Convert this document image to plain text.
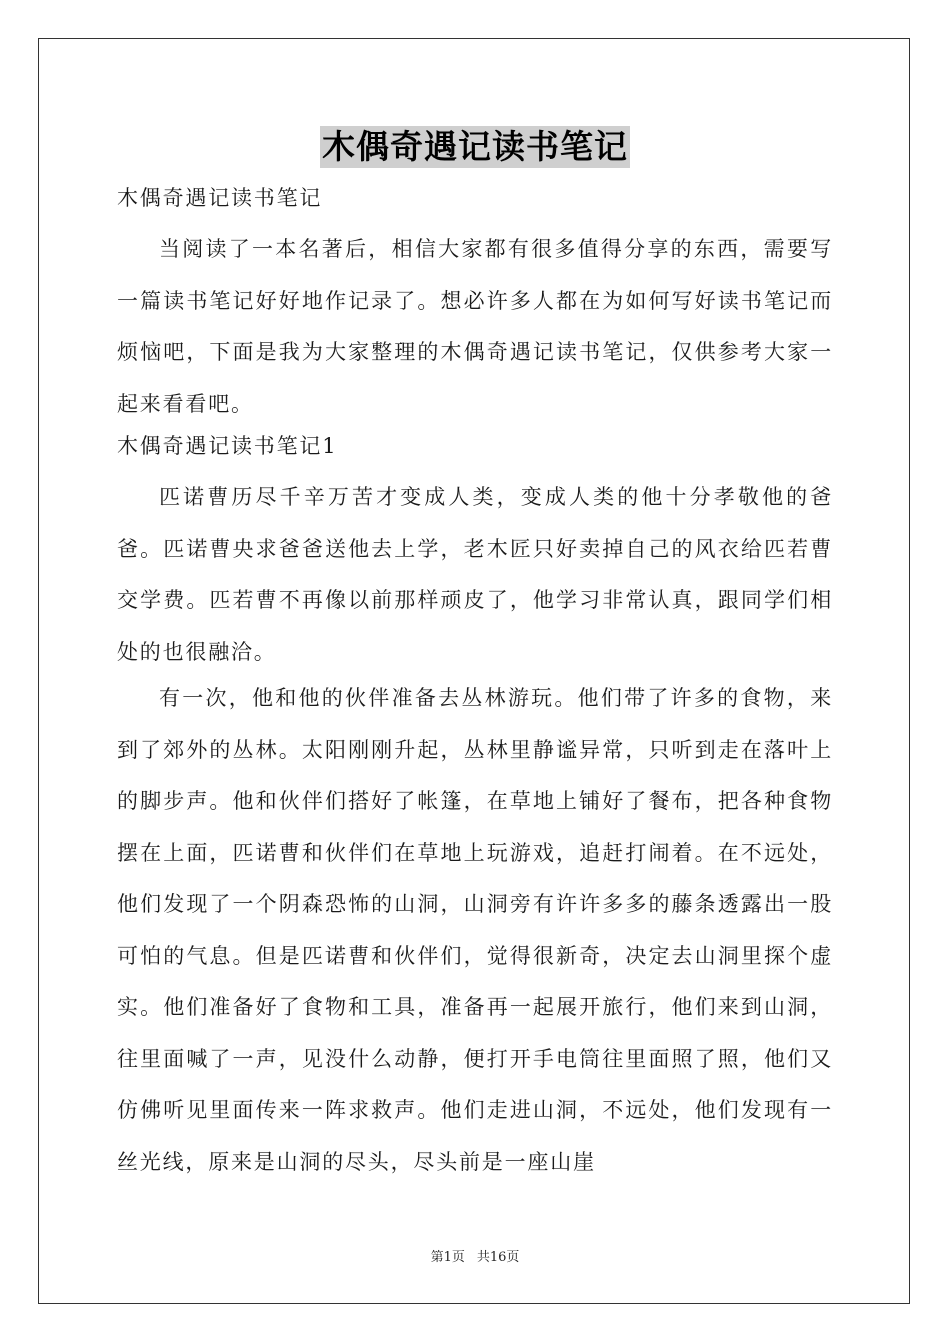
木偶奇遇记读书笔记

木偶奇遇记读书笔记

当阅读了一本名著后，相信大家都有很多值得分享的东西，需要写一篇读书笔记好好地作记录了。想必许多人都在为如何写好读书笔记而烦恼吧，下面是我为大家整理的木偶奇遇记读书笔记，仅供参考大家一起来看看吧。

木偶奇遇记读书笔记1

匹诺曹历尽千辛万苦才变成人类，变成人类的他十分孝敬他的爸爸。匹诺曹央求爸爸送他去上学，老木匠只好卖掉自己的风衣给匹若曹交学费。匹若曹不再像以前那样顽皮了，他学习非常认真，跟同学们相处的也很融洽。

有一次，他和他的伙伴准备去丛林游玩。他们带了许多的食物，来到了郊外的丛林。太阳刚刚升起，丛林里静谧异常，只听到走在落叶上的脚步声。他和伙伴们搭好了帐篷，在草地上铺好了餐布，把各种食物摆在上面，匹诺曹和伙伴们在草地上玩游戏，追赶打闹着。在不远处，他们发现了一个阴森恐怖的山洞，山洞旁有许许多多的藤条透露出一股可怕的气息。但是匹诺曹和伙伴们，觉得很新奇，决定去山洞里探个虚实。他们准备好了食物和工具，准备再一起展开旅行，他们来到山洞，往里面喊了一声，见没什么动静，便打开手电筒往里面照了照，他们又仿佛听见里面传来一阵求救声。他们走进山洞，不远处，他们发现有一丝光线，原来是山洞的尽头，尽头前是一座山崖

第1页 共16页
